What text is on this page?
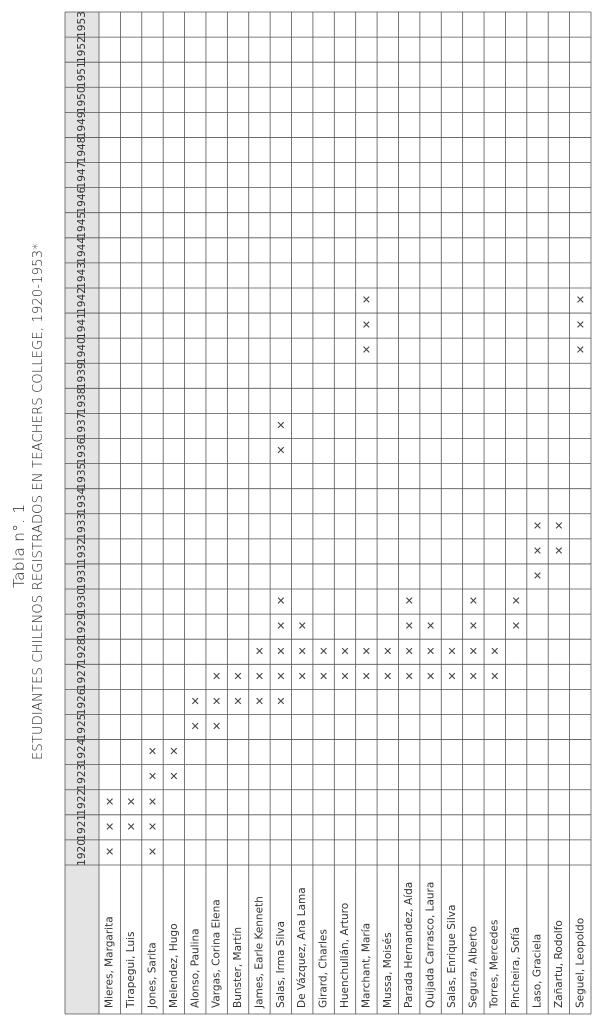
Tabla n°. 1 ESTUDIANTES CHILENOS REGISTRADOS EN TEACHERS COLLEGE, 1920-1953*
1920
1921
1922
1923
1924
1925
1926
1927
1928
1929
1930
1931
1932
1933
1934
1935
1936
1937
1938
1939
1940
1941
1942
1943
1944
1945
1946
1947
1948
1949
1950
1951
1952
1953
Mieres, Margarita
✕
✕
✕
Tirapegui, Luis
✕
✕
Jones, Sarita
✕
✕
✕
✕
✕
Melendez, Hugo
✕
✕
Alonso, Paulina
✕
✕
Vargas, Corina Elena
✕
✕
✕
Bunster, Martín
✕
✕
James, Earle Kenneth
✕
✕
✕
Salas, Irma Silva
✕
✕
✕
✕
✕
✕
✕
De Vázquez, Ana Lama
✕
✕
✕
Girard, Charles
✕
✕
Huenchullán, Arturo
✕
✕
Marchant, María
✕
✕
✕
✕
✕
Mussa, Moisés
✕
✕
Parada Hernandez, Aída
✕
✕
✕
✕
Quijada Carrasco, Laura
✕
✕
✕
Salas, Enrique Silva
✕
✕
Segura, Alberto
✕
✕
✕
✕
Torres, Mercedes
✕
✕
Pincheira, Sofía
✕
✕
Laso, Graciela
✕
✕
✕
Zañartu, Rodolfo
✕
✕
Seguel, Leopoldo
✕
✕
✕
